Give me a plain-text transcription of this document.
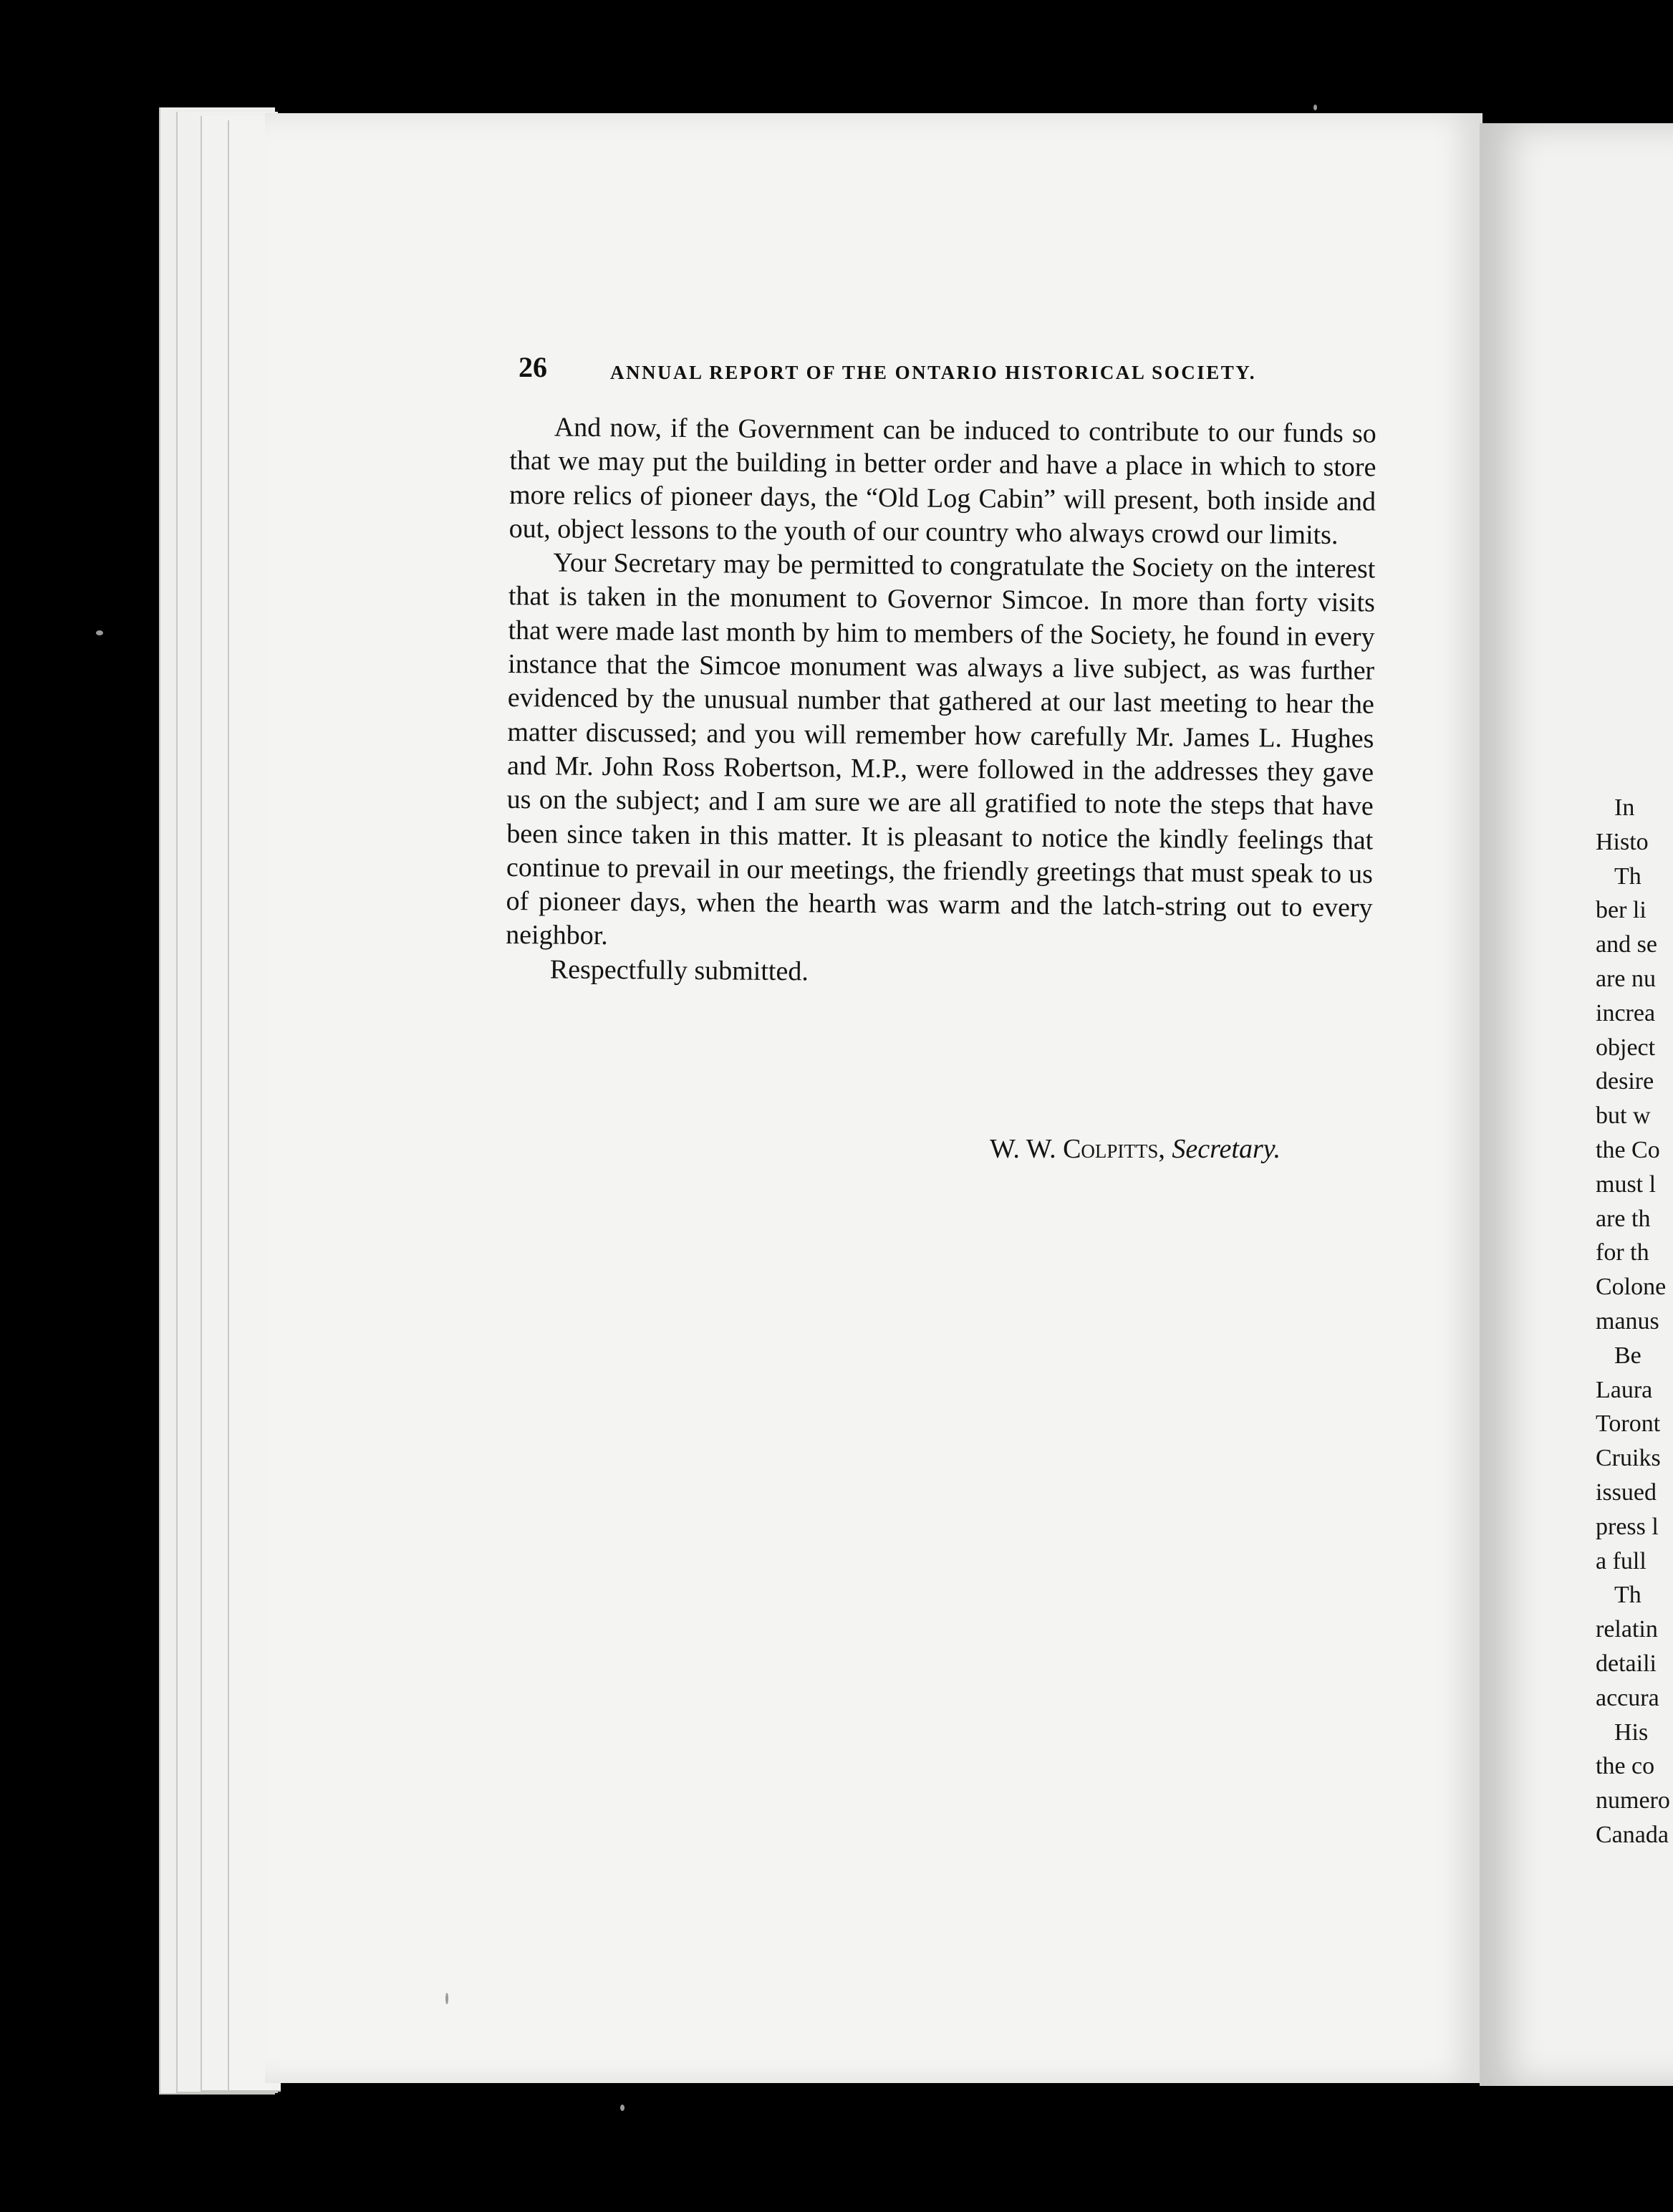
26	ANNUAL REPORT OF THE ONTARIO HISTORICAL SOCIETY.

And now, if the Government can be induced to contribute to our funds so that we may put the building in better order and have a place in which to store more relics of pioneer days, the “Old Log Cabin” will present, both inside and out, object lessons to the youth of our country who always crowd our limits.

Your Secretary may be permitted to congratulate the Society on the interest that is taken in the monument to Governor Simcoe. In more than forty visits that were made last month by him to members of the Society, he found in every instance that the Simcoe monument was always a live subject, as was further evidenced by the unusual number that gathered at our last meeting to hear the matter discussed; and you will remember how carefully Mr. James L. Hughes and Mr. John Ross Robertson, M.P., were followed in the addresses they gave us on the subject; and I am sure we are all gratified to note the steps that have been since taken in this matter. It is pleasant to notice the kindly feelings that continue to prevail in our meetings, the friendly greetings that must speak to us of pioneer days, when the hearth was warm and the latch-string out to every neighbor.

Respectfully submitted.

W. W. Colpitts, Secretary.
In
Histo
Th
ber li
and se
are nu
increa
object
desire
but w
the Co
must l
are th
for th
Colone
manus
Be
Laura
Toront
Cruiks
issued
press l
a full
Th
relatin
detaili
accura
His
the co
numero
Canada
